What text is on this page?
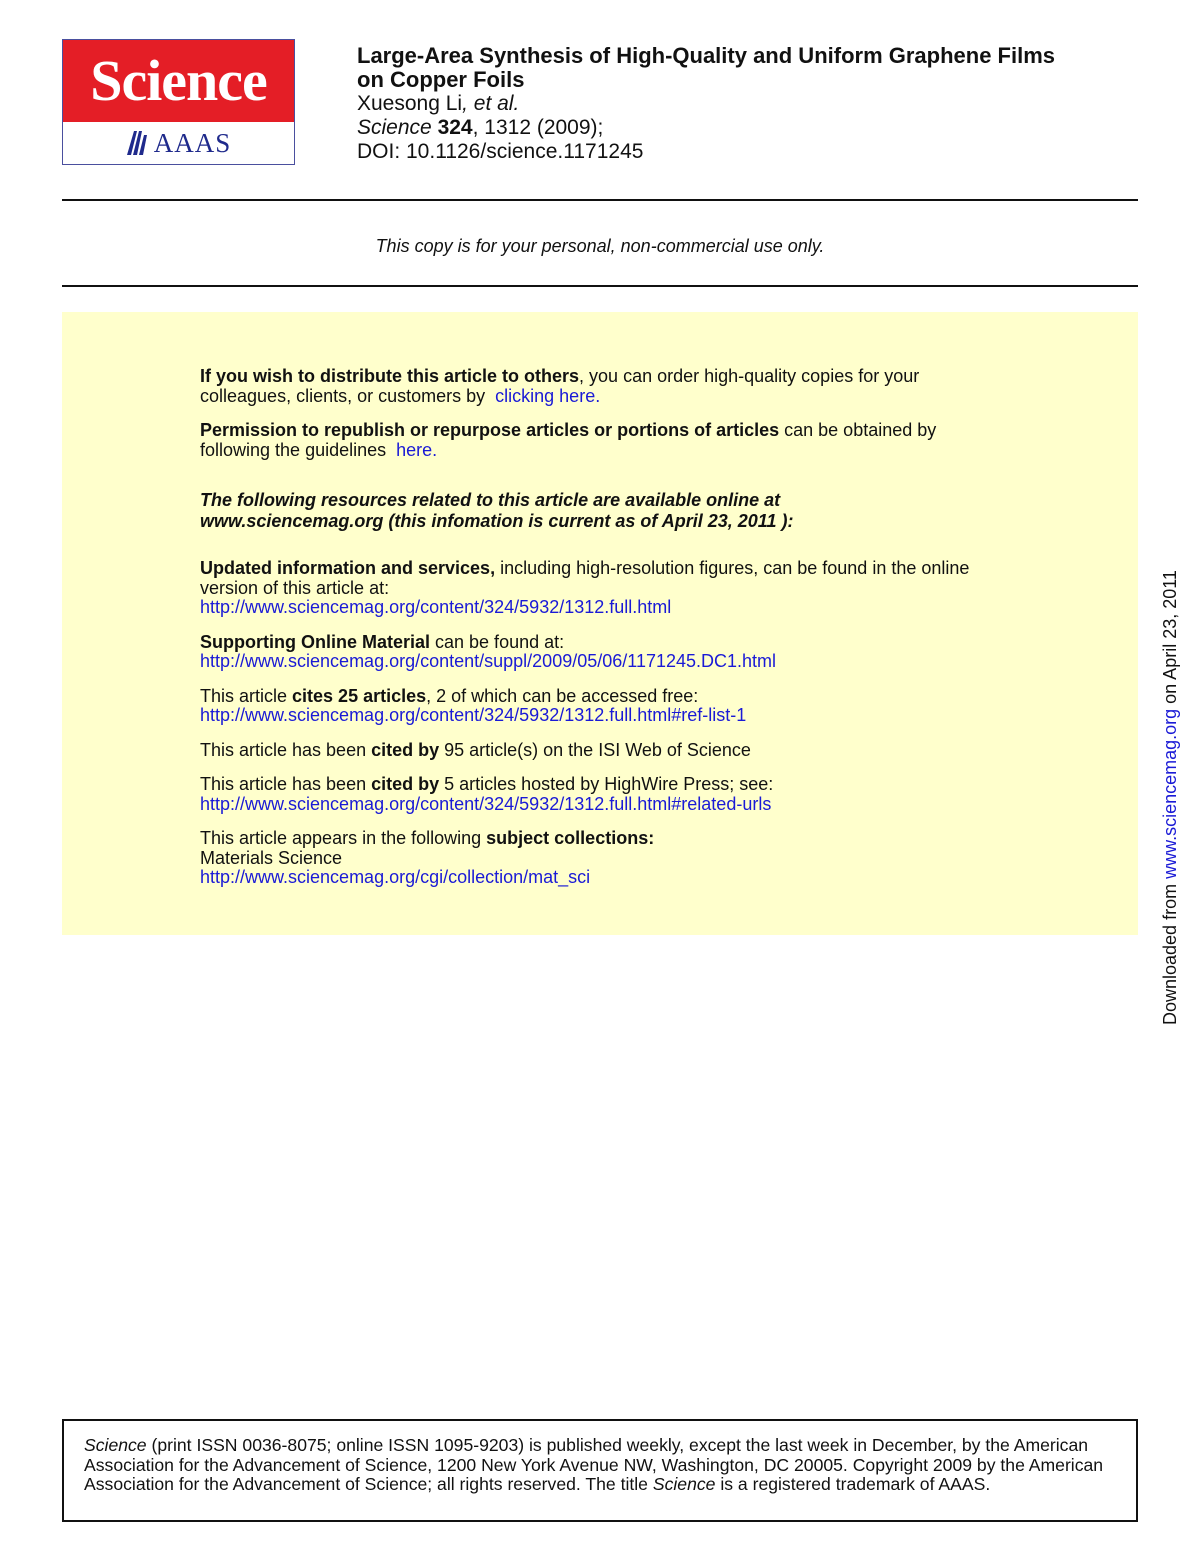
Science
AAAS
Large-Area Synthesis of High-Quality and Uniform Graphene Films
on Copper Foils
Xuesong Li, et al.
Science 324, 1312 (2009);
DOI: 10.1126/science.1171245
This copy is for your personal, non-commercial use only.
If you wish to distribute this article to others, you can order high-quality copies for your
colleagues, clients, or customers by clicking here.
Permission to republish or repurpose articles or portions of articles can be obtained by
following the guidelines here.
The following resources related to this article are available online at
www.sciencemag.org (this infomation is current as of April 23, 2011 ):
Updated information and services, including high-resolution figures, can be found in the online
version of this article at:
http://www.sciencemag.org/content/324/5932/1312.full.html
Supporting Online Material can be found at:
http://www.sciencemag.org/content/suppl/2009/05/06/1171245.DC1.html
This article cites 25 articles, 2 of which can be accessed free:
http://www.sciencemag.org/content/324/5932/1312.full.html#ref-list-1
This article has been cited by 95 article(s) on the ISI Web of Science
This article has been cited by 5 articles hosted by HighWire Press; see:
http://www.sciencemag.org/content/324/5932/1312.full.html#related-urls
This article appears in the following subject collections:
Materials Science
http://www.sciencemag.org/cgi/collection/mat_sci
Downloaded from www.sciencemag.org on April 23, 2011
Science (print ISSN 0036-8075; online ISSN 1095-9203) is published weekly, except the last week in December, by the American Association for the Advancement of Science, 1200 New York Avenue NW, Washington, DC 20005. Copyright 2009 by the American Association for the Advancement of Science; all rights reserved. The title Science is a registered trademark of AAAS.
